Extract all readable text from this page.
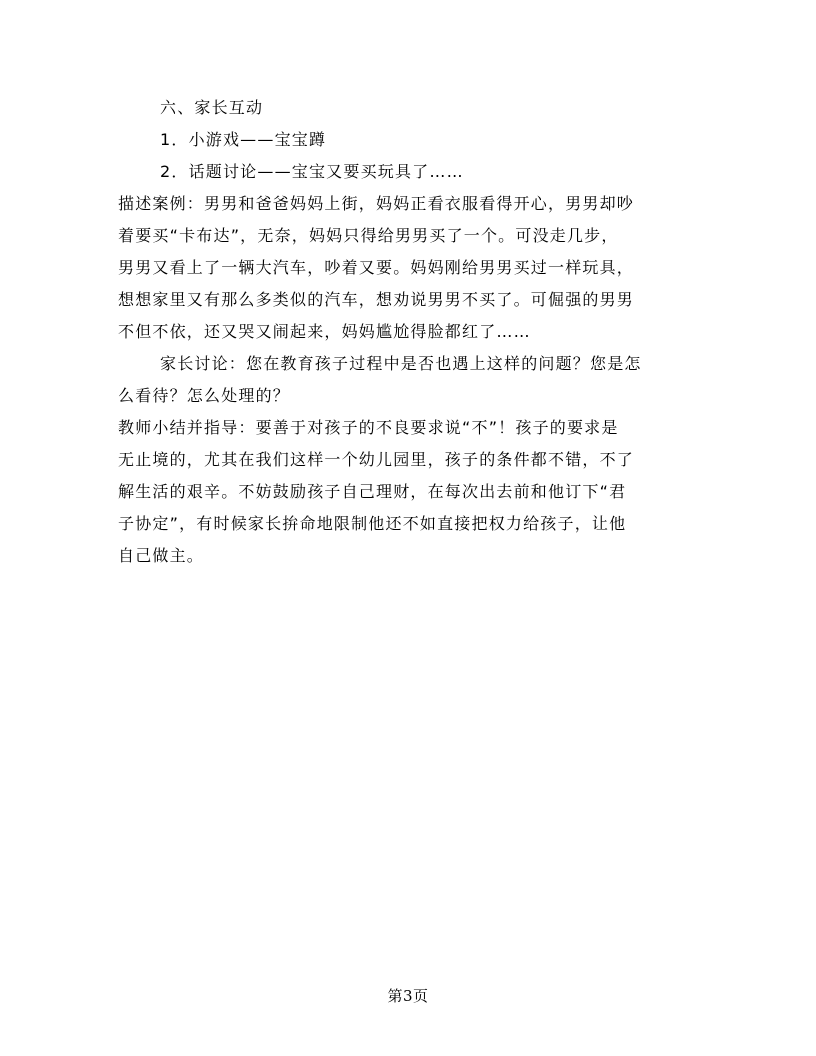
六、家长互动
1．小游戏——宝宝蹲
2．话题讨论——宝宝又要买玩具了……
描述案例：男男和爸爸妈妈上街，妈妈正看衣服看得开心，男男却吵
着要买“卡布达”，无奈，妈妈只得给男男买了一个。可没走几步，
男男又看上了一辆大汽车，吵着又要。妈妈刚给男男买过一样玩具，
想想家里又有那么多类似的汽车，想劝说男男不买了。可倔强的男男
不但不依，还又哭又闹起来，妈妈尴尬得脸都红了……
家长讨论：您在教育孩子过程中是否也遇上这样的问题？您是怎
么看待？怎么处理的？
教师小结并指导：要善于对孩子的不良要求说“不”！孩子的要求是
无止境的，尤其在我们这样一个幼儿园里，孩子的条件都不错，不了
解生活的艰辛。不妨鼓励孩子自己理财，在每次出去前和他订下“君
子协定”，有时候家长拚命地限制他还不如直接把权力给孩子，让他
自己做主。
第3页
